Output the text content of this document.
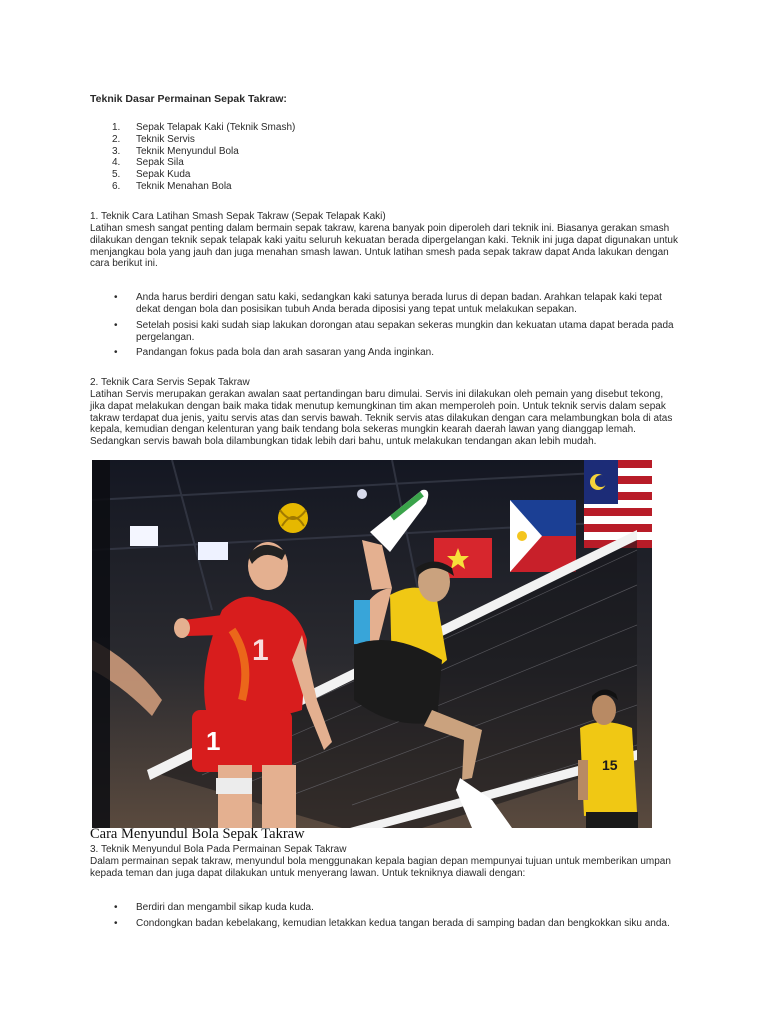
Teknik Dasar Permainan Sepak Takraw:
1.	Sepak Telapak Kaki (Teknik Smash)
2.	Teknik Servis
3.	Teknik Menyundul Bola
4.	Sepak Sila
5.	Sepak Kuda
6.	Teknik Menahan Bola

1. Teknik Cara Latihan Smash Sepak Takraw (Sepak Telapak Kaki)

Latihan smesh sangat penting dalam bermain sepak takraw, karena banyak poin diperoleh dari teknik ini. Biasanya gerakan smash dilakukan dengan teknik sepak telapak kaki yaitu seluruh kekuatan berada dipergelangan kaki. Teknik ini juga dapat digunakan untuk menjangkau bola yang jauh dan juga menahan smash lawan. Untuk latihan smesh pada sepak takraw dapat Anda lakukan dengan cara berikut ini.

• Anda harus berdiri dengan satu kaki, sedangkan kaki satunya berada lurus di depan badan. Arahkan telapak kaki tepat dekat dengan bola dan posisikan tubuh Anda berada diposisi yang tepat untuk melakukan sepakan.
• Setelah posisi kaki sudah siap lakukan dorongan atau sepakan sekeras mungkin dan kekuatan utama dapat berada pada pergelangan.
• Pandangan fokus pada bola dan arah sasaran yang Anda inginkan.

2. Teknik Cara Servis Sepak Takraw

Latihan Servis merupakan gerakan awalan saat pertandingan baru dimulai. Servis ini dilakukan oleh pemain yang disebut tekong, jika dapat melakukan dengan baik maka tidak menutup kemungkinan tim akan memperoleh poin. Untuk teknik servis dalam sepak takraw terdapat dua jenis, yaitu servis atas dan servis bawah. Teknik servis atas dilakukan dengan cara melambungkan bola di atas kepala, kemudian dengan kelenturan yang baik tendang bola sekeras mungkin kearah daerah lawan yang dianggap lemah. Sedangkan servis bawah bola dilambungkan tidak lebih dari bahu, untuk melakukan tendangan akan lebih mudah.

1
1
15
Cara Menyundul Bola Sepak Takraw

3. Teknik Menyundul Bola Pada Permainan Sepak Takraw

Dalam permainan sepak takraw, menyundul bola menggunakan kepala bagian depan mempunyai tujuan untuk memberikan umpan kepada teman dan juga dapat dilakukan untuk menyerang lawan. Untuk tekniknya diawali dengan:

• Berdiri dan mengambil sikap kuda kuda.
• Condongkan badan kebelakang, kemudian letakkan kedua tangan berada di samping badan dan bengkokkan siku anda.
